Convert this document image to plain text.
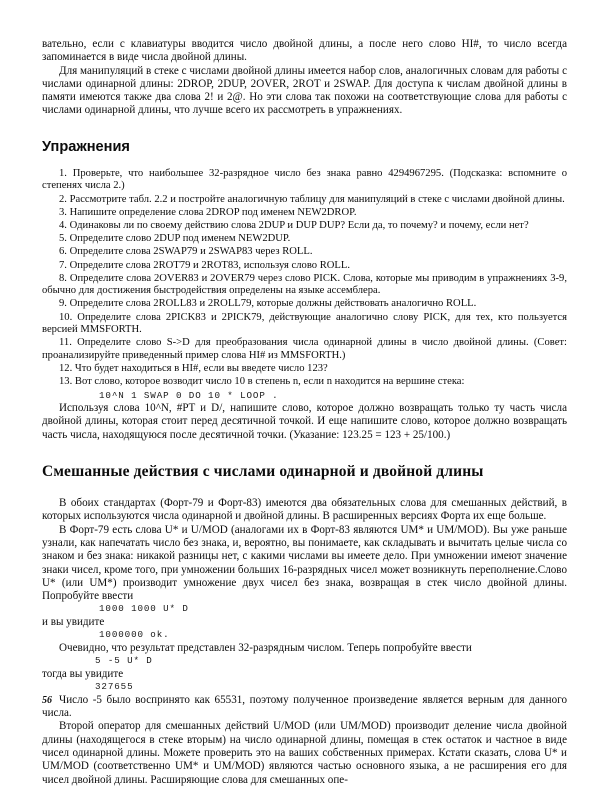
вательно, если с клавиатуры вводится число двойной длины, а после него слово HI#, то число всегда запоминается в виде числа двойной длины.

Для манипуляций в стеке с числами двойной длины имеется набор слов, аналогичных словам для работы с числами одинарной длины: 2DROP, 2DUP, 2OVER, 2ROT и 2SWAP. Для доступа к числам двойной длины в памяти имеются также два слова 2! и 2@. Но эти слова так похожи на соответствующие слова для работы с числами одинарной длины, что лучше всего их рассмотреть в упражнениях.

Упражнения

1. Проверьте, что наибольшее 32-разрядное число без знака равно 4294967295. (Подсказка: вспомните о степенях числа 2.)

2. Рассмотрите табл. 2.2 и постройте аналогичную таблицу для манипуляций в стеке с числами двойной длины.

3. Напишите определение слова 2DROP под именем NEW2DROP.

4. Одинаковы ли по своему действию слова 2DUP и DUP DUP? Если да, то почему? и почему, если нет?

5. Определите слово 2DUP под именем NEW2DUP.

6. Определите слова 2SWAP79 и 2SWAP83 через ROLL.

7. Определите слова 2ROT79 и 2ROT83, используя слово ROLL.

8. Определите слова 2OVER83 и 2OVER79 через слово PICK. Слова, которые мы приводим в упражнениях 3-9, обычно для достижения быстродействия определены на языке ассемблера.

9. Определите слова 2ROLL83 и 2ROLL79, которые должны действовать аналогично ROLL.

10. Определите слова 2PICK83 и 2PICK79, действующие аналогично слову PICK, для тех, кто пользуется версией MMSFORTH.

11. Определите слово S->D для преобразования числа одинарной длины в число двойной длины. (Совет: проанализируйте приведенный пример слова HI# из MMSFORTH.)

12. Что будет находиться в HI#, если вы введете число 123?

13. Вот слово, которое возводит число 10 в степень n, если n находится на вершине стека:

10^N 1 SWAP 0 DO 10 * LOOP .

Используя слова 10^N, #PT и D/, напишите слово, которое должно возвращать только ту часть числа двойной длины, которая стоит перед десятичной точкой. И еще напишите слово, которое должно возвращать часть числа, находящуюся после десятичной точки. (Указание: 123.25 = 123 + 25/100.)

Смешанные действия с числами одинарной и двойной длины

В обоих стандартах (Форт-79 и Форт-83) имеются два обязательных слова для смешанных действий, в которых используются числа одинарной и двойной длины. В расширенных версиях Форта их еще больше.

В Форт-79 есть слова U* и U/MOD (аналогами их в Форт-83 являются UM* и UM/MOD). Вы уже раньше узнали, как напечатать число без знака, и, вероятно, вы понимаете, как складывать и вычитать целые числа со знаком и без знака: никакой разницы нет, с какими числами вы имеете дело. При умножении имеют значение знаки чисел, кроме того, при умножении больших 16-разрядных чисел может возникнуть переполнение.Слово U* (или UM*) производит умножение двух чисел без знака, возвращая в стек число двойной длины. Попробуйте ввести

1000 1000 U* D

и вы увидите

1000000 ok.

Очевидно, что результат представлен 32-разрядным числом. Теперь попробуйте ввести

5 -5 U* D

тогда вы увидите

327655

Число -5 было воспринято как 65531, поэтому полученное произведение является верным для данного числа.

Второй оператор для смешанных действий U/MOD (или UM/MOD) производит деление числа двойной длины (находящегося в стеке вторым) на число одинарной длины, помещая в стек остаток и частное в виде чисел одинарной длины. Можете проверить это на ваших собственных примерах. Кстати сказать, слова U* и UM/MOD (соответственно UM* и UM/MOD) являются частью основного языка, а не расширения его для чисел двойной длины. Расширяющие слова для смешанных опе-

56
